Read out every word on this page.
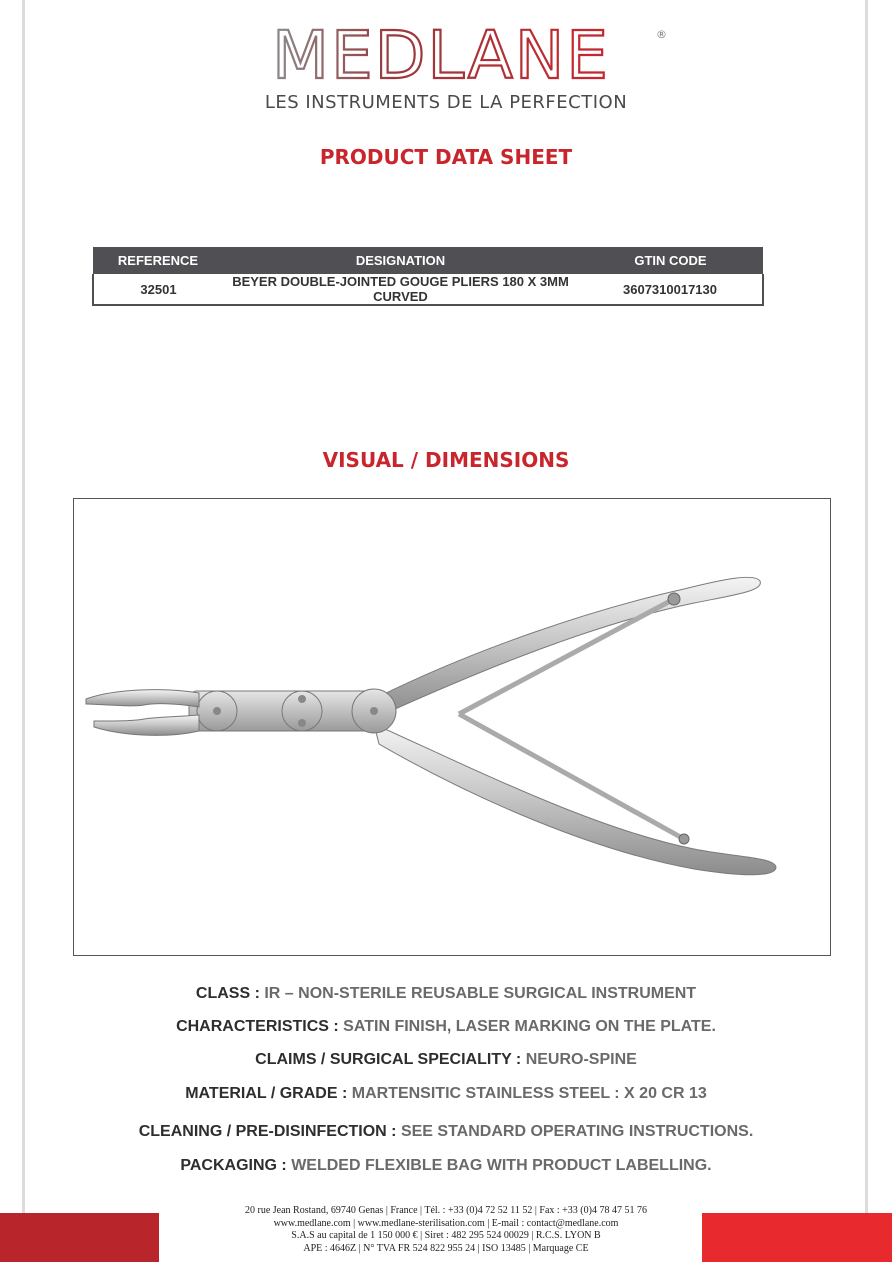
MEDLANE	®
LES INSTRUMENTS DE LA PERFECTION
PRODUCT DATA SHEET
REFERENCE	DESIGNATION	GTIN CODE
32501	BEYER DOUBLE-JOINTED GOUGE PLIERS 180 X 3MM CURVED	3607310017130
VISUAL / DIMENSIONS
CLASS : IR – NON-STERILE REUSABLE SURGICAL INSTRUMENT
CHARACTERISTICS : SATIN FINISH, LASER MARKING ON THE PLATE.
CLAIMS / SURGICAL SPECIALITY : NEURO-SPINE
MATERIAL / GRADE : MARTENSITIC STAINLESS STEEL : X 20 CR 13
CLEANING / PRE-DISINFECTION : SEE STANDARD OPERATING INSTRUCTIONS.
PACKAGING : WELDED FLEXIBLE BAG WITH PRODUCT LABELLING.
20 rue Jean Rostand, 69740 Genas | France | Tél. : +33 (0)4 72 52 11 52 | Fax : +33 (0)4 78 47 51 76
www.medlane.com | www.medlane-sterilisation.com | E-mail : contact@medlane.com
S.A.S au capital de 1 150 000 € | Siret : 482 295 524 00029 | R.C.S. LYON B
APE : 4646Z | N° TVA FR 524 822 955 24 | ISO 13485 | Marquage CE
